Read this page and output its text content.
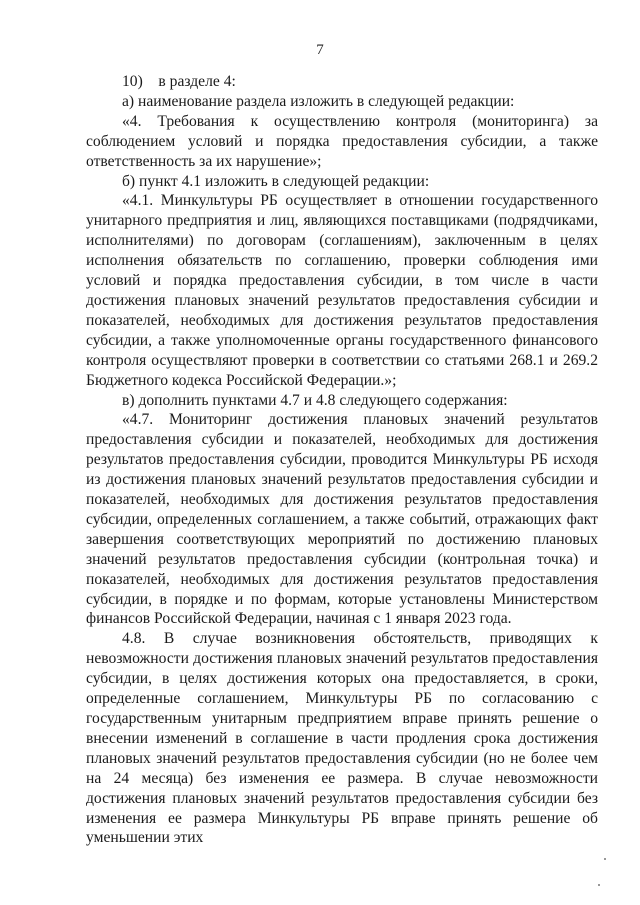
7

10)    в разделе 4:

а) наименование раздела изложить в следующей редакции:

«4. Требования к осуществлению контроля (мониторинга) за соблюдением условий и порядка предоставления субсидии, а также ответственность за их нарушение»;

б) пункт 4.1 изложить в следующей редакции:

«4.1. Минкультуры РБ осуществляет в отношении государственного унитарного предприятия и лиц, являющихся поставщиками (подрядчиками, исполнителями) по договорам (соглашениям), заключенным в целях исполнения обязательств по соглашению, проверки соблюдения ими условий и порядка предоставления субсидии, в том числе в части достижения плановых значений результатов предоставления субсидии и показателей, необходимых для достижения результатов предоставления субсидии, а также уполномоченные органы государственного финансового контроля осуществляют проверки в соответствии со статьями 268.1 и 269.2 Бюджетного кодекса Российской Федерации.»;

в) дополнить пунктами 4.7 и 4.8 следующего содержания:

«4.7. Мониторинг достижения плановых значений результатов предоставления субсидии и показателей, необходимых для достижения результатов предоставления субсидии, проводится Минкультуры РБ исходя из достижения плановых значений результатов предоставления субсидии и показателей, необходимых для достижения результатов предоставления субсидии, определенных соглашением, а также событий, отражающих факт завершения соответствующих мероприятий по достижению плановых значений результатов предоставления субсидии (контрольная точка) и показателей, необходимых для достижения результатов предоставления субсидии, в порядке и по формам, которые установлены Министерством финансов Российской Федерации, начиная с 1 января 2023 года.

4.8. В случае возникновения обстоятельств, приводящих к невозможности достижения плановых значений результатов предоставления субсидии, в целях достижения которых она предоставляется, в сроки, определенные соглашением, Минкультуры РБ по согласованию с государственным унитарным предприятием вправе принять решение о внесении изменений в соглашение в части продления срока достижения плановых значений результатов предоставления субсидии (но не более чем на 24 месяца) без изменения ее размера. В случае невозможности достижения плановых значений результатов предоставления субсидии без изменения ее размера Минкультуры РБ вправе принять решение об уменьшении этих
